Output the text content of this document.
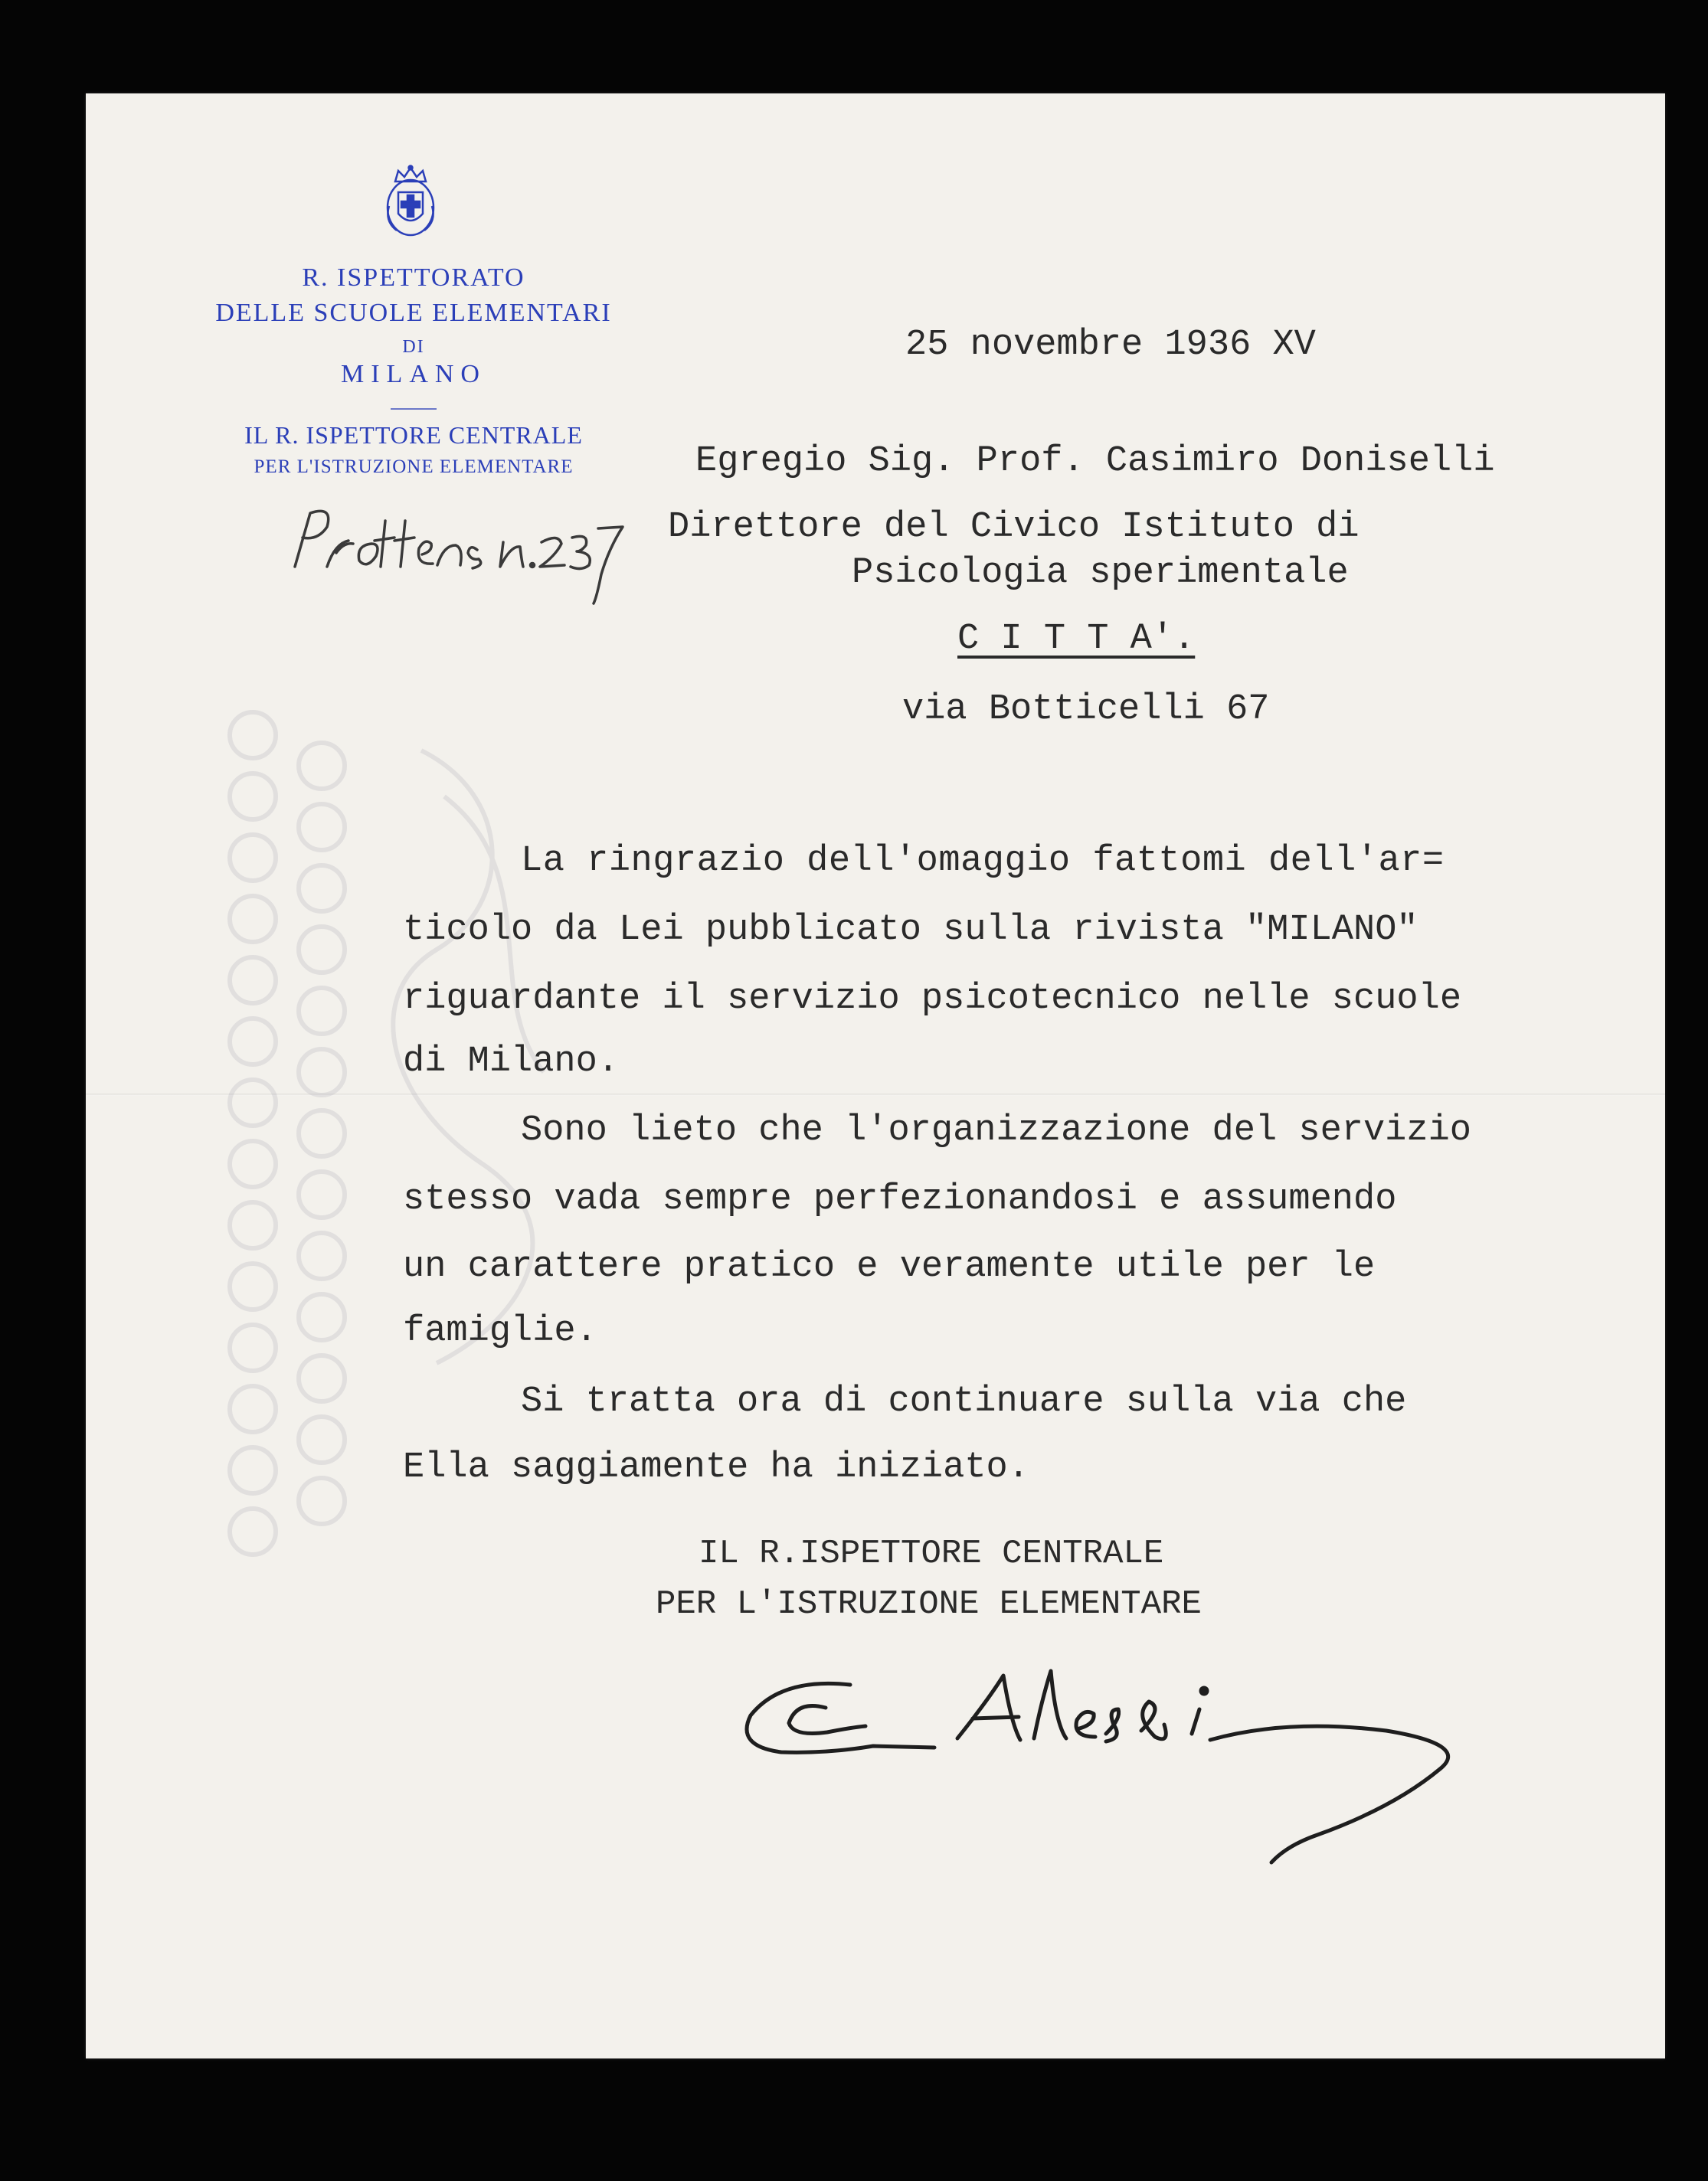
R. ISPETTORATO
DELLE SCUOLE ELEMENTARI
DI
MILANO
IL R. ISPETTORE CENTRALE
PER L'ISTRUZIONE ELEMENTARE
25 novembre 1936 XV
Egregio Sig. Prof. Casimiro Doniselli
Direttore del Civico Istituto di
Psicologia sperimentale
C I T T A'.
via Botticelli 67
La ringrazio dell'omaggio fattomi dell'ar=
ticolo da Lei pubblicato sulla rivista "MILANO"
riguardante il servizio psicotecnico nelle scuole
di Milano.
Sono lieto che l'organizzazione del servizio
stesso vada sempre perfezionandosi e assumendo
un carattere pratico e veramente utile per le
famiglie.
Si tratta ora di continuare sulla via che
Ella saggiamente ha iniziato.
IL R.ISPETTORE CENTRALE
PER L'ISTRUZIONE ELEMENTARE
